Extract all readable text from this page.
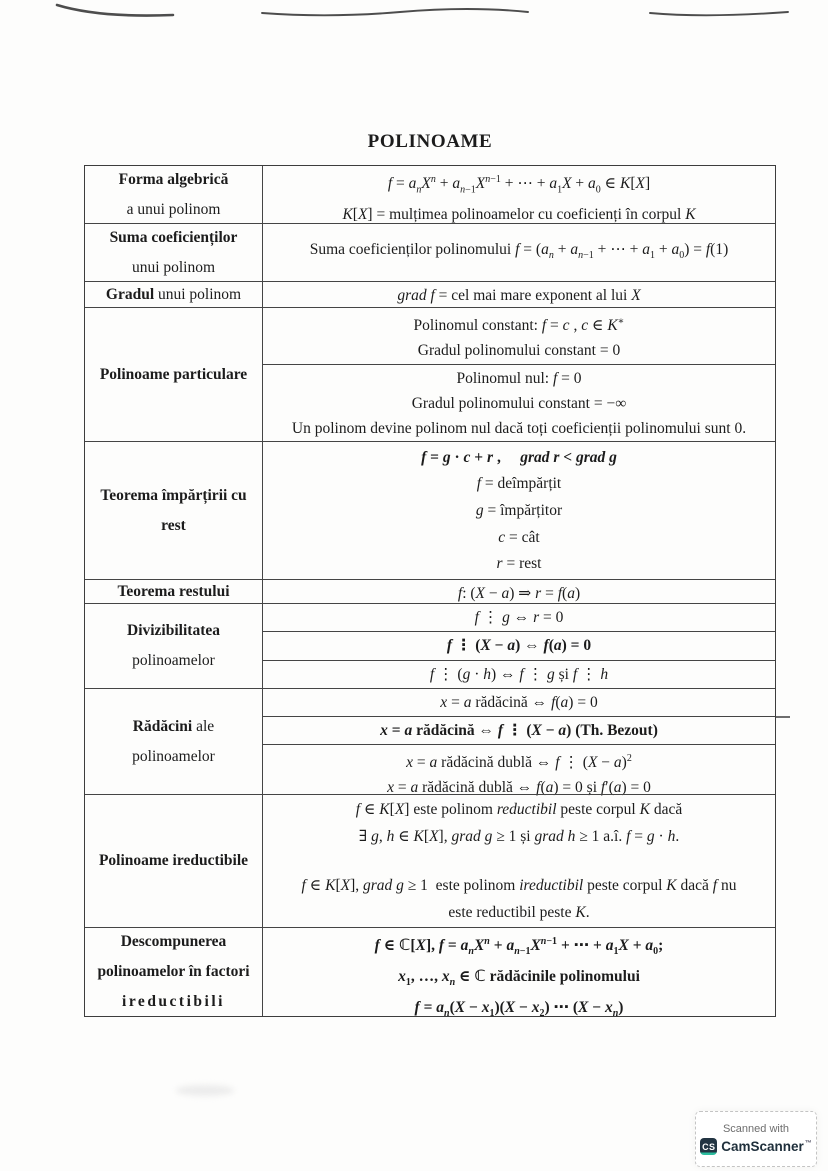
POLINOAME
Forma algebrică
a unui polinom
$f = a_nX^n + a_{n-1}X^{n-1}$ + ⋯ + $a_1X + a_0$ ∈ K[X]
K[X] = mulțimea polinoamelor cu coeficienți în corpul K
Suma coeficienților
unui polinom
Suma coeficienților polinomului $f = (a_n + a_{n-1}$ + ⋯ + $a_1 + a_0) = f(1)$
Gradul unui polinom	grad f = cel mai mare exponent al lui X
Polinoame particulare
Polinomul constant: f = c , c ∈ K∗
Gradul polinomului constant = 0
Polinomul nul: f = 0
Gradul polinomului constant = −∞
Un polinom devine polinom nul dacă toți coeficienții polinomului sunt 0.
Teorema împărțirii cu
rest
f = g · c + r ,     grad r < grad g
f = deîmpărțit
g = împărțitor
c = cât
r = rest
Teorema restului	f: (X − a) ⇒ r = f(a)
Divizibilitatea
polinoamelor
f ⋮ g ⇔ r = 0
f ⋮ (X − a) ⇔ f(a) = 0
f ⋮ (g · h) ⇔ f ⋮ g și f ⋮ h
Rădăcini ale
polinoamelor
x = a rădăcină ⇔ f(a) = 0
x = a rădăcină ⇔ f ⋮ (X − a) (Th. Bezout)
x = a rădăcină dublă ⇔ f ⋮ $(X - a)^2$
x = a rădăcină dublă ⇔ f(a) = 0 și f′(a) = 0
Polinoame ireductibile
f ∈ K[X] este polinom reductibil peste corpul K dacă
∃ g, h ∈ K[X], grad g ≥ 1 și grad h ≥ 1 a.î. f = g · h.
f ∈ K[X], grad g ≥ 1  este polinom ireductibil peste corpul K dacă f nu
este reductibil peste K.
Descompunerea
polinoamelor în factori
ireductibili
f ∈ ℂ[X], $f = a_nX^n + a_{n-1}X^{n-1}$ + ⋯ + $a_1X + a_0$;
$x_1$, …, $x_n$ ∈ ℂ rădăcinile polinomului
$f = a_n(X - x_1)(X - x_2)$ ⋯ $(X - x_n)$
Scanned with
CS CamScanner ™
